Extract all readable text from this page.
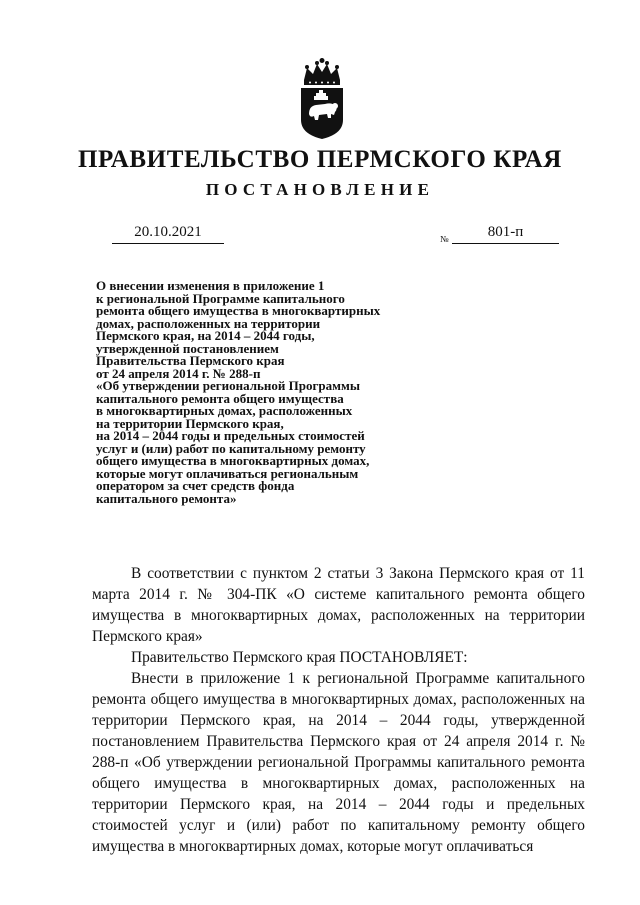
ПРАВИТЕЛЬСТВО ПЕРМСКОГО КРАЯ
ПОСТАНОВЛЕНИЕ
20.10.2021	№	801-п
О внесении изменения в приложение 1
к региональной Программе капитального
ремонта общего имущества в многоквартирных
домах, расположенных на территории
Пермского края, на 2014 – 2044 годы,
утвержденной постановлением
Правительства Пермского края
от 24 апреля 2014 г. № 288-п
«Об утверждении региональной Программы
капитального ремонта общего имущества
в многоквартирных домах, расположенных
на территории Пермского края,
на 2014 – 2044 годы и предельных стоимостей
услуг и (или) работ по капитальному ремонту
общего имущества в многоквартирных домах,
которые могут оплачиваться региональным
оператором за счет средств фонда
капитального ремонта»

В соответствии с пунктом 2 статьи 3 Закона Пермского края от 11 марта 2014 г. № 304-ПК «О системе капитального ремонта общего имущества в многоквартирных домах, расположенных на территории Пермского края»

Правительство Пермского края ПОСТАНОВЛЯЕТ:

Внести в приложение 1 к региональной Программе капитального ремонта общего имущества в многоквартирных домах, расположенных на территории Пермского края, на 2014 – 2044 годы, утвержденной постановлением Правительства Пермского края от 24 апреля 2014 г. № 288-п «Об утверждении региональной Программы капитального ремонта общего имущества в многоквартирных домах, расположенных на территории Пермского края, на 2014 – 2044 годы и предельных стоимостей услуг и (или) работ по капитальному ремонту общего имущества в многоквартирных домах, которые могут оплачиваться
